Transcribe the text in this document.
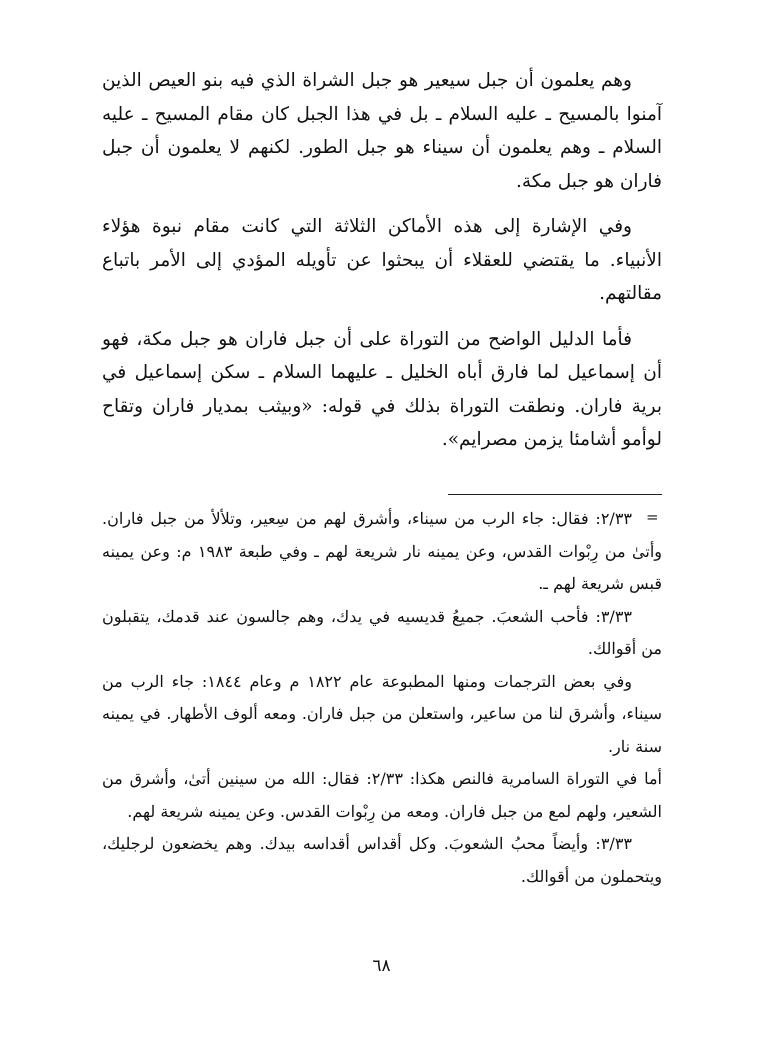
وهم يعلمون أن جبل سيعير هو جبل الشراة الذي فيه بنو العيص الذين آمنوا بالمسيح ـ عليه السلام ـ بل في هذا الجبل كان مقام المسيح ـ عليه السلام ـ وهم يعلمون أن سيناء هو جبل الطور. لكنهم لا يعلمون أن جبل فاران هو جبل مكة.

وفي الإشارة إلى هذه الأماكن الثلاثة التي كانت مقام نبوة هؤلاء الأنبياء. ما يقتضي للعقلاء أن يبحثوا عن تأويله المؤدي إلى الأمر باتباع مقالتهم.

فأما الدليل الواضح من التوراة على أن جبل فاران هو جبل مكة، فهو أن إسماعيل لما فارق أباه الخليل ـ عليهما السلام ـ سكن إسماعيل في برية فاران. ونطقت التوراة بذلك في قوله: «وبيثب بمديار فاران وتقاح لوأمو أشامئا يزمن مصرايم».

=

٢/٣٣: فقال: جاء الرب من سيناء، وأشرق لهم من سِعير، وتلألأ من جبل فاران. وأتىٰ من رِبْوات القدس، وعن يمينه نار شريعة لهم ـ وفي طبعة ١٩٨٣ م: وعن يمينه قبس شريعة لهم ـ.

٣/٣٣: فأحب الشعبَ. جميعُ قديسيه في يدك، وهم جالسون عند قدمك، يتقبلون من أقوالك.

وفي بعض الترجمات ومنها المطبوعة عام ١٨٢٢ م وعام ١٨٤٤: جاء الرب من سيناء، وأشرق لنا من ساعير، واستعلن من جبل فاران. ومعه ألوف الأطهار. في يمينه سنة نار.

أما في التوراة السامرية فالنص هكذا: ٢/٣٣: فقال: الله من سينين أتىٰ، وأشرق من الشعير، ولهم لمع من جبل فاران. ومعه من رِبْوات القدس. وعن يمينه شريعة لهم.

٣/٣٣: وأيضاً محبُ الشعوبَ. وكل أقداس أقداسه بيدك. وهم يخضعون لرجليك، ويتحملون من أقوالك.

٦٨
